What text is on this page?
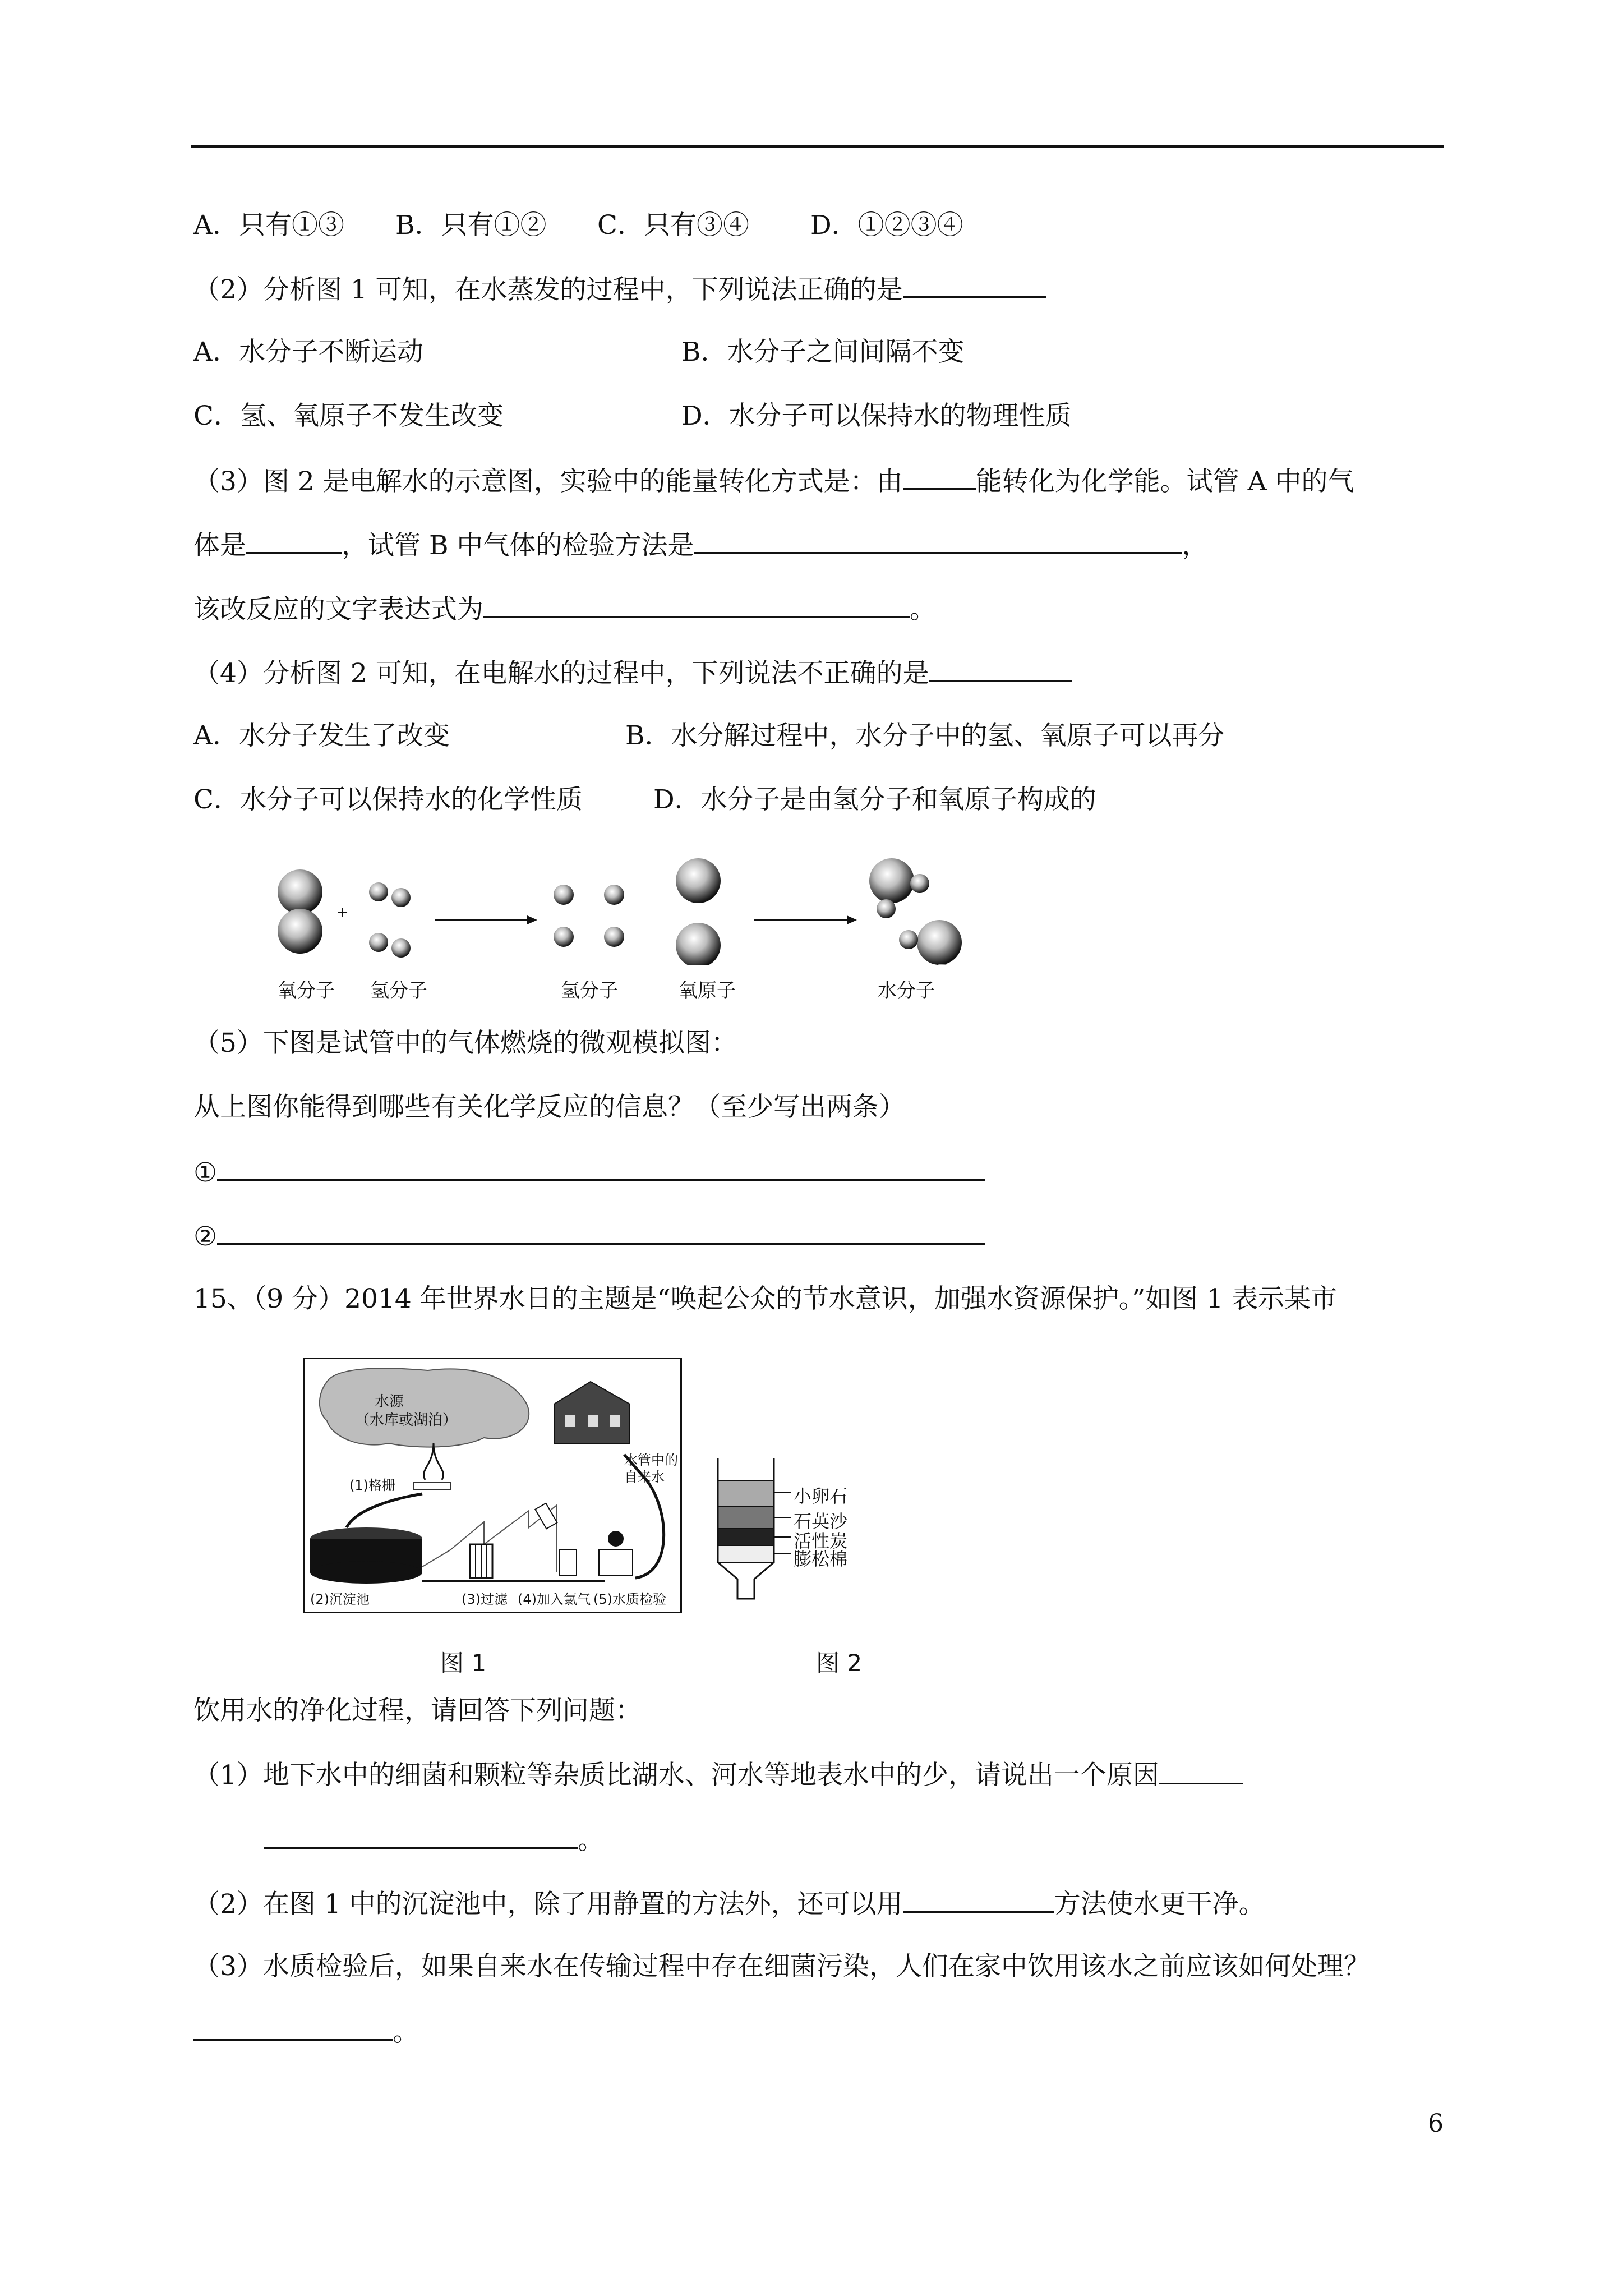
A．只有①③ B．只有①② C．只有③④ D．①②③④
（2）分析图 1 可知，在水蒸发的过程中，下列说法正确的是
A．水分子不断运动	B．水分子之间间隔不变
C．氢、氧原子不发生改变	D．水分子可以保持水的物理性质
（3）图 2 是电解水的示意图，实验中的能量转化方式是：由	能转化为化学能。试管 A 中的气
体是	，试管 B 中气体的检验方法是	，
该改反应的文字表达式为	。
（4）分析图 2 可知，在电解水的过程中，下列说法不正确的是
A．水分子发生了改变	B．水分解过程中，水分子中的氢、氧原子可以再分
C．水分子可以保持水的化学性质	D．水分子是由氢分子和氧原子构成的
+
氧分子 氢分子	氢分子	氧原子	水分子
（5）下图是试管中的气体燃烧的微观模拟图：
从上图你能得到哪些有关化学反应的信息？（至少写出两条）
①
②
15、（9 分）2014 年世界水日的主题是“唤起公众的节水意识，加强水资源保护。”如图 1 表示某市
水源
（水库或湖泊）
水管中的
自来水
(1)格栅
(2)沉淀池	(3)过滤 (4)加入氯气 (5)水质检验
图 1
小卵石
石英沙
活性炭
膨松棉
图 2
饮用水的净化过程，请回答下列问题：
（1）地下水中的细菌和颗粒等杂质比湖水、河水等地表水中的少，请说出一个原因
。
（2）在图 1 中的沉淀池中，除了用静置的方法外，还可以用	方法使水更干净。
（3）水质检验后，如果自来水在传输过程中存在细菌污染，人们在家中饮用该水之前应该如何处理？
。
6
